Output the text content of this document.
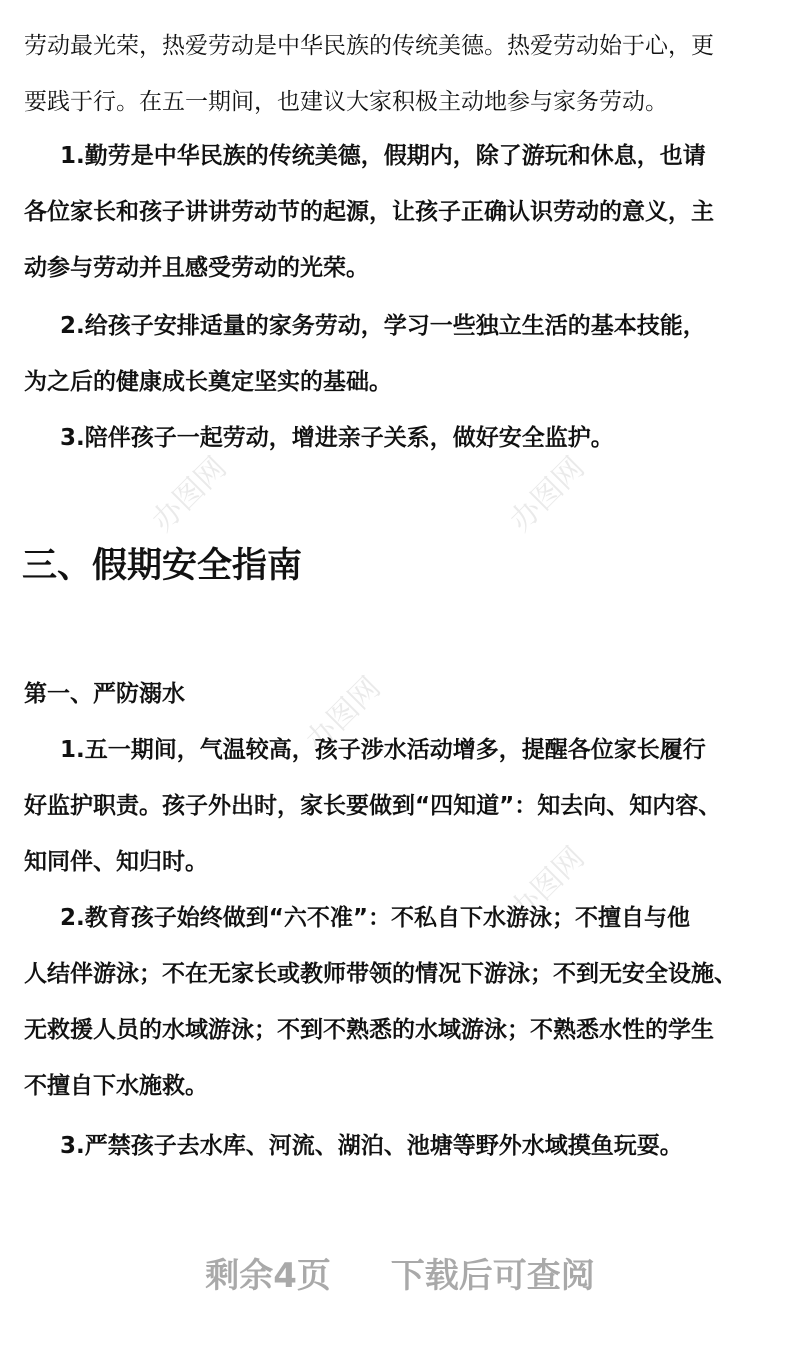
办图网	办图网
办图网
办图网
劳动最光荣，热爱劳动是中华民族的传统美德。热爱劳动始于心，更
要践于行。在五一期间，也建议大家积极主动地参与家务劳动。
1.勤劳是中华民族的传统美德，假期内，除了游玩和休息，也请
各位家长和孩子讲讲劳动节的起源，让孩子正确认识劳动的意义，主
动参与劳动并且感受劳动的光荣。
2.给孩子安排适量的家务劳动，学习一些独立生活的基本技能，
为之后的健康成长奠定坚实的基础。
3.陪伴孩子一起劳动，增进亲子关系，做好安全监护。
三、假期安全指南
第一、严防溺水
1.五一期间，气温较高，孩子涉水活动增多，提醒各位家长履行
好监护职责。孩子外出时，家长要做到“四知道”：知去向、知内容、
知同伴、知归时。
2.教育孩子始终做到“六不准”：不私自下水游泳；不擅自与他
人结伴游泳；不在无家长或教师带领的情况下游泳；不到无安全设施、
无救援人员的水域游泳；不到不熟悉的水域游泳；不熟悉水性的学生
不擅自下水施救。
3.严禁孩子去水库、河流、湖泊、池塘等野外水域摸鱼玩耍。
剩余4页 下载后可查阅
